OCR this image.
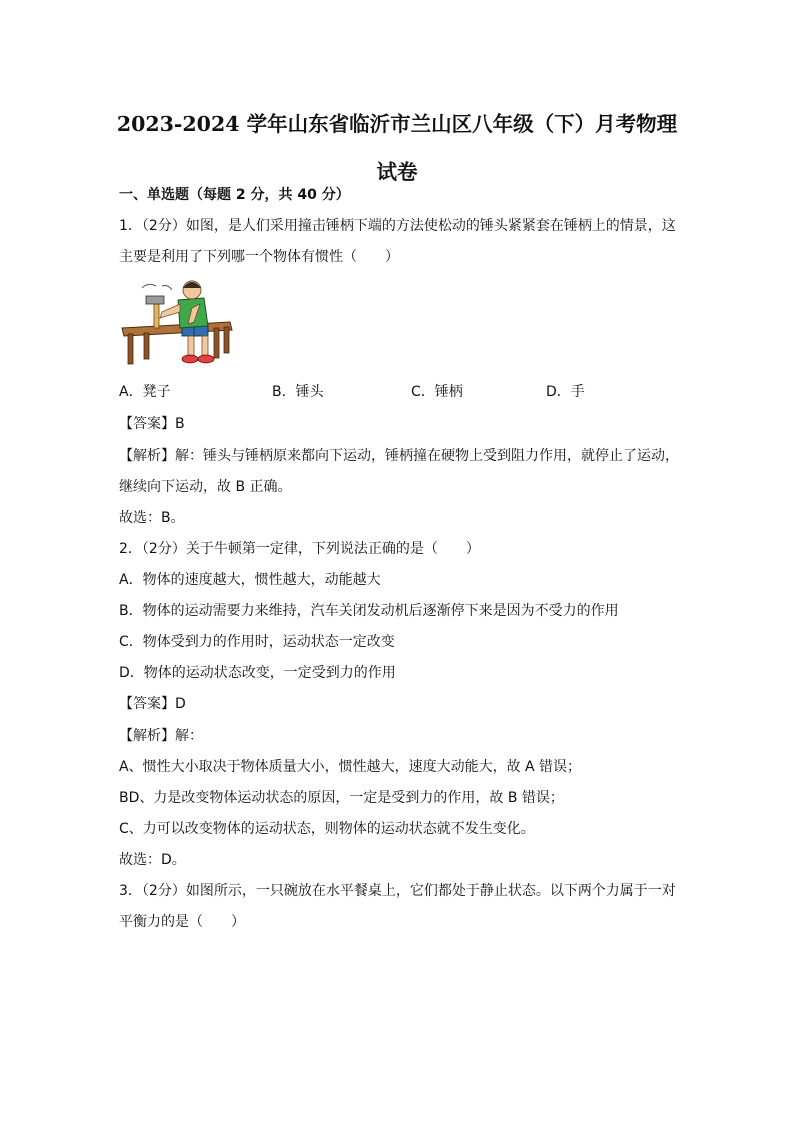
2023-2024 学年山东省临沂市兰山区八年级（下）月考物理
试卷
一、单选题（每题 2 分，共 40 分）
1．（2分）如图，是人们采用撞击锤柄下端的方法使松动的锤头紧紧套在锤柄上的情景，这
主要是利用了下列哪一个物体有惯性（　　）
A．凳子	B．锤头	C．锤柄	D．手
【答案】B
【解析】解：锤头与锤柄原来都向下运动，锤柄撞在硬物上受到阻力作用，就停止了运动，
继续向下运动，故 B 正确。
故选：B。
2．（2分）关于牛顿第一定律，下列说法正确的是（　　）
A．物体的速度越大，惯性越大，动能越大
B．物体的运动需要力来维持，汽车关闭发动机后逐渐停下来是因为不受力的作用
C．物体受到力的作用时，运动状态一定改变
D．物体的运动状态改变，一定受到力的作用
【答案】D
【解析】解：
A、惯性大小取决于物体质量大小，惯性越大，速度大动能大，故 A 错误；
BD、力是改变物体运动状态的原因，一定是受到力的作用，故 B 错误；
C、力可以改变物体的运动状态，则物体的运动状态就不发生变化。
故选：D。
3．（2分）如图所示，一只碗放在水平餐桌上，它们都处于静止状态。以下两个力属于一对
平衡力的是（　　）
